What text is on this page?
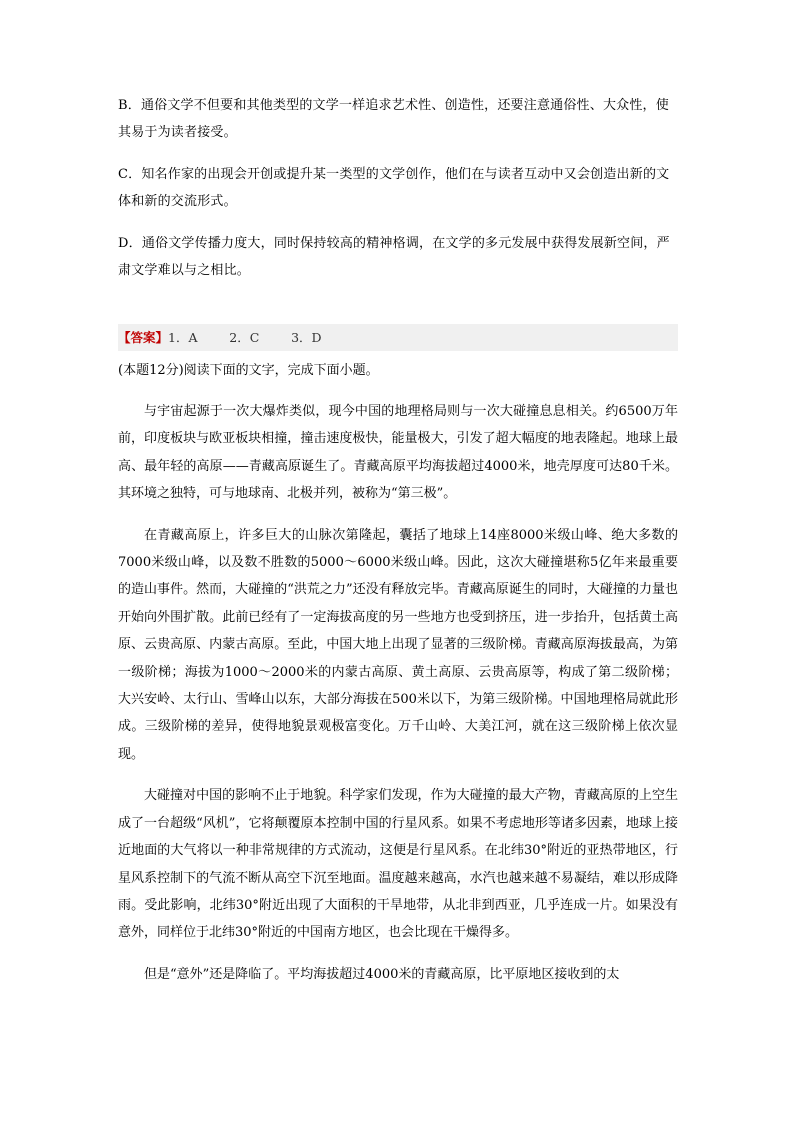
B．通俗文学不但要和其他类型的文学一样追求艺术性、创造性，还要注意通俗性、大众性，使其易于为读者接受。

C．知名作家的出现会开创或提升某一类型的文学创作，他们在与读者互动中又会创造出新的文体和新的交流形式。

D．通俗文学传播力度大，同时保持较高的精神格调，在文学的多元发展中获得发展新空间，严肃文学难以与之相比。

【答案】1．A        2．C        3．D

(本题12分)阅读下面的文字，完成下面小题。

与宇宙起源于一次大爆炸类似，现今中国的地理格局则与一次大碰撞息息相关。约6500万年前，印度板块与欧亚板块相撞，撞击速度极快，能量极大，引发了超大幅度的地表隆起。地球上最高、最年轻的高原——青藏高原诞生了。青藏高原平均海拔超过4000米，地壳厚度可达80千米。其环境之独特，可与地球南、北极并列，被称为“第三极”。

在青藏高原上，许多巨大的山脉次第隆起，囊括了地球上14座8000米级山峰、绝大多数的7000米级山峰，以及数不胜数的5000～6000米级山峰。因此，这次大碰撞堪称5亿年来最重要的造山事件。然而，大碰撞的“洪荒之力”还没有释放完毕。青藏高原诞生的同时，大碰撞的力量也开始向外围扩散。此前已经有了一定海拔高度的另一些地方也受到挤压，进一步抬升，包括黄土高原、云贵高原、内蒙古高原。至此，中国大地上出现了显著的三级阶梯。青藏高原海拔最高，为第一级阶梯；海拔为1000～2000米的内蒙古高原、黄土高原、云贵高原等，构成了第二级阶梯；大兴安岭、太行山、雪峰山以东，大部分海拔在500米以下，为第三级阶梯。中国地理格局就此形成。三级阶梯的差异，使得地貌景观极富变化。万千山岭、大美江河，就在这三级阶梯上依次显现。

大碰撞对中国的影响不止于地貌。科学家们发现，作为大碰撞的最大产物，青藏高原的上空生成了一台超级“风机”，它将颠覆原本控制中国的行星风系。如果不考虑地形等诸多因素，地球上接近地面的大气将以一种非常规律的方式流动，这便是行星风系。在北纬30°附近的亚热带地区，行星风系控制下的气流不断从高空下沉至地面。温度越来越高，水汽也越来越不易凝结，难以形成降雨。受此影响，北纬30°附近出现了大面积的干旱地带，从北非到西亚，几乎连成一片。如果没有意外，同样位于北纬30°附近的中国南方地区，也会比现在干燥得多。

但是“意外”还是降临了。平均海拔超过4000米的青藏高原，比平原地区接收到的太
